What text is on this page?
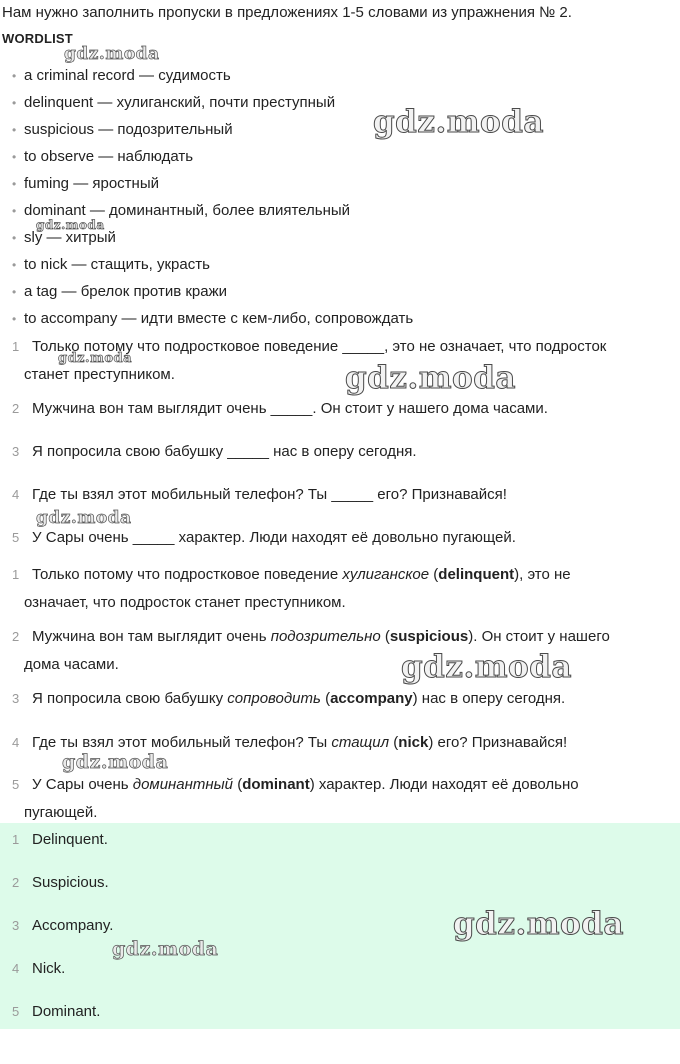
Нам нужно заполнить пропуски в предложениях 1-5 словами из упражнения № 2.
WORDLIST
• a criminal record — судимость
• delinquent — хулиганский, почти преступный
• suspicious — подозрительный
• to observe — наблюдать
• fuming — яростный
• dominant — доминантный, более влиятельный
• sly — хитрый
• to nick — стащить, украсть
• a tag — брелок против кражи
• to accompany — идти вместе с кем-либо, сопровождать
1 Только потому что подростковое поведение _____, это не означает, что подросток
станет преступником.
2 Мужчина вон там выглядит очень _____. Он стоит у нашего дома часами.
3 Я попросила свою бабушку _____ нас в оперу сегодня.
4 Где ты взял этот мобильный телефон? Ты _____ его? Признавайся!
5 У Сары очень _____ характер. Люди находят её довольно пугающей.
1 Только потому что подростковое поведение хулиганское (delinquent), это не
означает, что подросток станет преступником.
2 Мужчина вон там выглядит очень подозрительно (suspicious). Он стоит у нашего
дома часами.
3 Я попросила свою бабушку сопроводить (accompany) нас в оперу сегодня.
4 Где ты взял этот мобильный телефон? Ты стащил (nick) его? Признавайся!
5 У Сары очень доминантный (dominant) характер. Люди находят её довольно
пугающей.
1 Delinquent.
2 Suspicious.
3 Accompany.
4 Nick.
5 Dominant.
gdz.moda
gdz.moda
gdz.moda
gdz.moda
gdz.moda
gdz.moda
gdz.moda
gdz.moda
gdz.moda
gdz.moda
